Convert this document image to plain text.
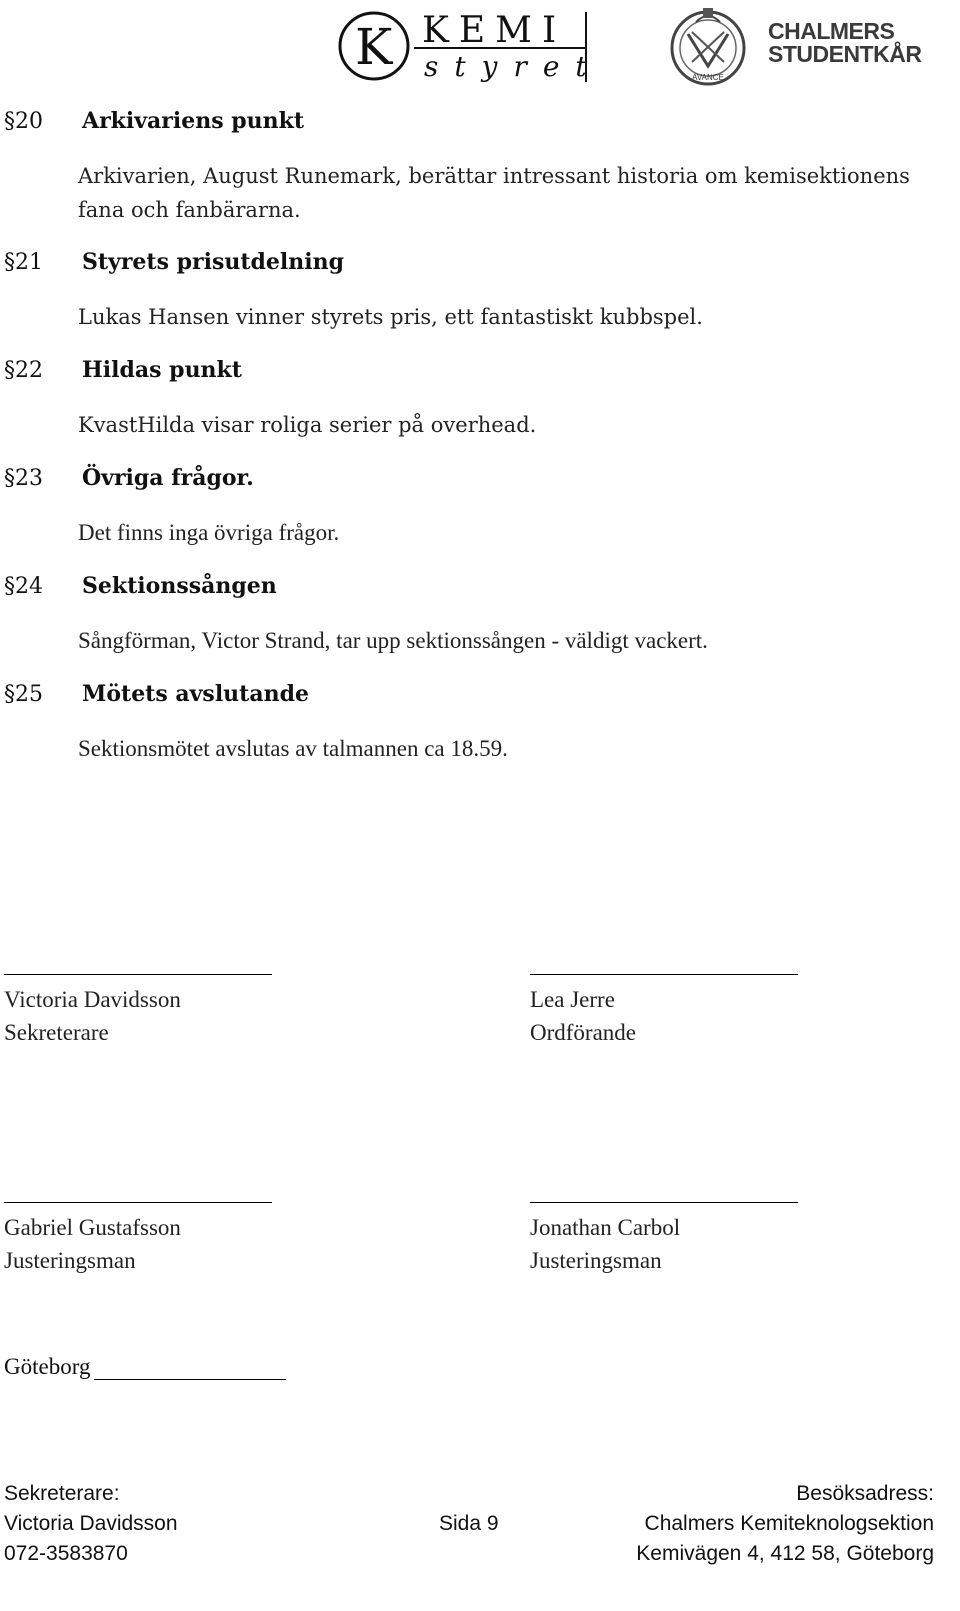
K KEMI
styret	AVANCE
CHALMERS
STUDENTKÅR
§20	Arkivariens punkt
Arkivarien, August Runemark, berättar intressant historia om kemisektionens fana och fanbärarna.
§21	Styrets prisutdelning
Lukas Hansen vinner styrets pris, ett fantastiskt kubbspel.
§22	Hildas punkt
KvastHilda visar roliga serier på overhead.
§23	Övriga frågor.
Det finns inga övriga frågor.
§24	Sektionssången
Sångförman, Victor Strand, tar upp sektionssången - väldigt vackert.
§25	Mötets avslutande
Sektionsmötet avslutas av talmannen ca 18.59.
Victoria Davidsson
Sekreterare
Lea Jerre
Ordförande
Gabriel Gustafsson
Justeringsman
Jonathan Carbol
Justeringsman
Göteborg
Sekreterare:
Victoria Davidsson
072-3583870
Sida 9
Besöksadress:
Chalmers Kemiteknologsektion
Kemivägen 4, 412 58, Göteborg
